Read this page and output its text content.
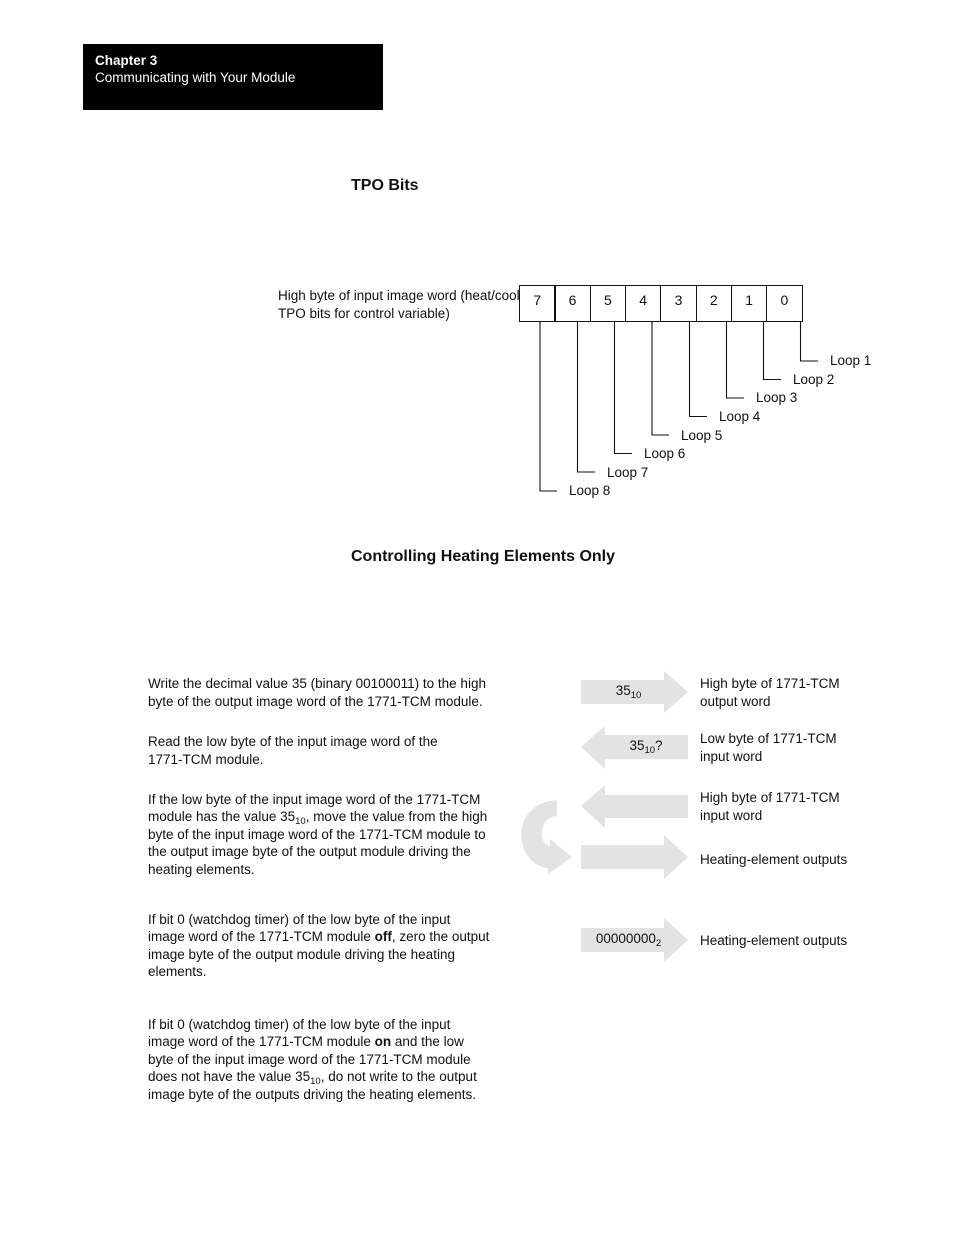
Chapter 3
Communicating with Your Module
TPO Bits
High byte of input image word (heat/cool
TPO bits for control variable)
7	6	5	4	3	2	1	0
Loop 1
Loop 2
Loop 3
Loop 4
Loop 5
Loop 6
Loop 7
Loop 8
Controlling Heating Elements Only
Write the decimal value 35 (binary 00100011) to the high
byte of the output image word of the 1771-TCM module.
Read the low byte of the input image word of the
1771-TCM module.
If the low byte of the input image word of the 1771-TCM
module has the value $35_{10}$, move the value from the high
byte of the input image word of the 1771-TCM module to
the output image byte of the output module driving the
heating elements.
If bit 0 (watchdog timer) of the low byte of the input
image word of the 1771-TCM module off, zero the output
image byte of the output module driving the heating
elements.
If bit 0 (watchdog timer) of the low byte of the input
image word of the 1771-TCM module on and the low
byte of the input image word of the 1771-TCM module
does not have the value $35_{10}$, do not write to the output
image byte of the outputs driving the heating elements.
$35_{10}$
$35_{10}$?
$00000000_2$
High byte of 1771-TCM
output word
Low byte of 1771-TCM
input word
High byte of 1771-TCM
input word
Heating-element outputs
Heating-element outputs
